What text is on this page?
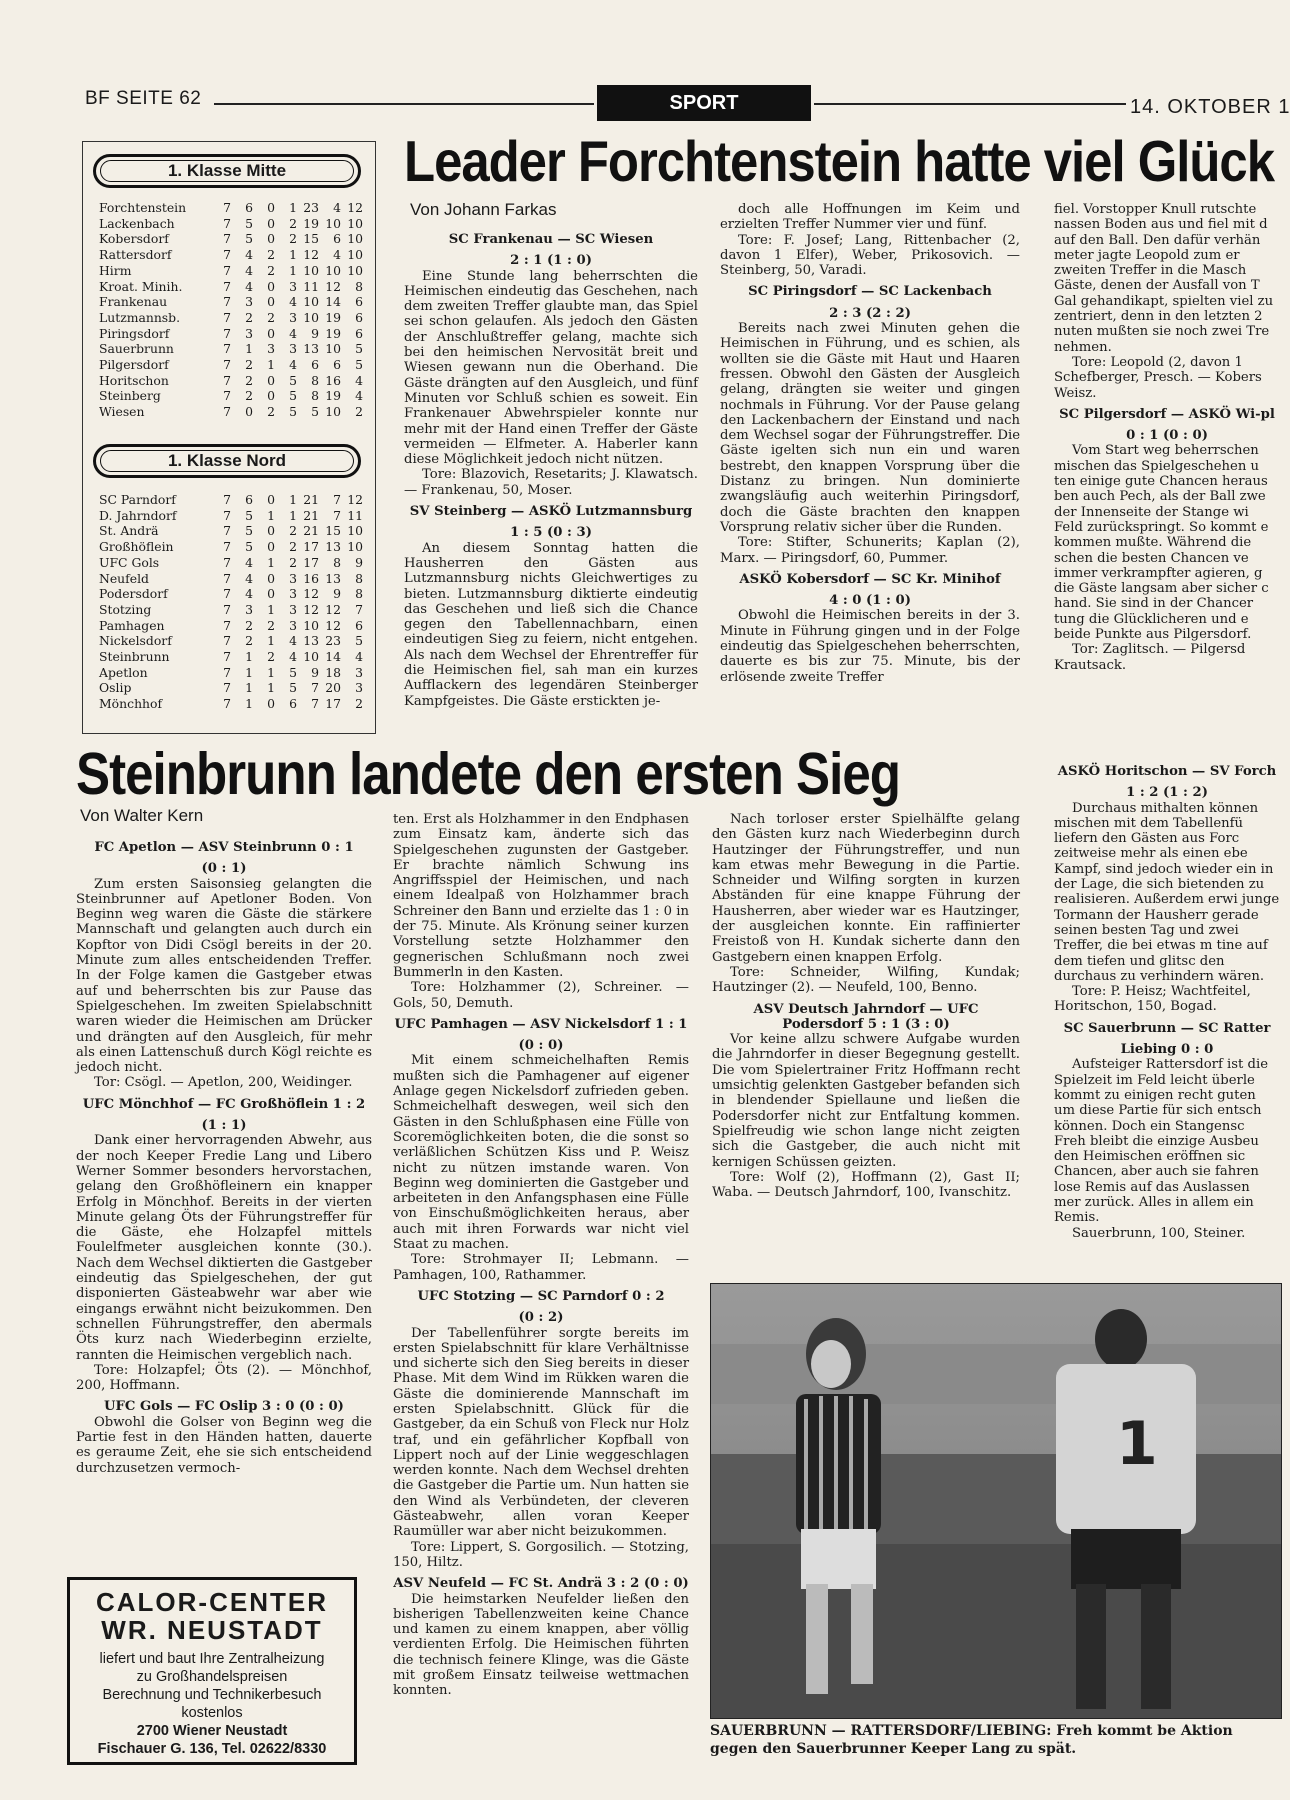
BF SEITE 62	SPORT	14. OKTOBER 1
1. Klasse Mitte
Forchtenstein	7	6	0	1	23	4	12
Lackenbach	7	5	0	2	19	10	10
Kobersdorf	7	5	0	2	15	6	10
Rattersdorf	7	4	2	1	12	4	10
Hirm	7	4	2	1	10	10	10
Kroat. Minih.	7	4	0	3	11	12	8
Frankenau	7	3	0	4	10	14	6
Lutzmannsb.	7	2	2	3	10	19	6
Piringsdorf	7	3	0	4	9	19	6
Sauerbrunn	7	1	3	3	13	10	5
Pilgersdorf	7	2	1	4	6	6	5
Horitschon	7	2	0	5	8	16	4
Steinberg	7	2	0	5	8	19	4
Wiesen	7	0	2	5	5	10	2
1. Klasse Nord
SC Parndorf	7	6	0	1	21	7	12
D. Jahrndorf	7	5	1	1	21	7	11
St. Andrä	7	5	0	2	21	15	10
Großhöflein	7	5	0	2	17	13	10
UFC Gols	7	4	1	2	17	8	9
Neufeld	7	4	0	3	16	13	8
Podersdorf	7	4	0	3	12	9	8
Stotzing	7	3	1	3	12	12	7
Pamhagen	7	2	2	3	10	12	6
Nickelsdorf	7	2	1	4	13	23	5
Steinbrunn	7	1	2	4	10	14	4
Apetlon	7	1	1	5	9	18	3
Oslip	7	1	1	5	7	20	3
Mönchhof	7	1	0	6	7	17	2
Leader Forchtenstein hatte viel Glück
Von Johann Farkas

SC Frankenau — SC Wiesen

2 : 1 (1 : 0)

Eine Stunde lang beherrschten die Heimischen eindeutig das Geschehen, nach dem zweiten Treffer glaubte man, das Spiel sei schon gelaufen. Als jedoch den Gästen der Anschlußtreffer gelang, machte sich bei den heimischen Nervosität breit und Wiesen gewann nun die Oberhand. Die Gäste drängten auf den Ausgleich, und fünf Minuten vor Schluß schien es soweit. Ein Frankenauer Abwehrspieler konnte nur mehr mit der Hand einen Treffer der Gäste vermeiden — Elfmeter. A. Haberler kann diese Möglichkeit jedoch nicht nützen.

Tore: Blazovich, Resetarits; J. Klawatsch. — Frankenau, 50, Moser.

SV Steinberg — ASKÖ Lutzmannsburg

1 : 5 (0 : 3)

An diesem Sonntag hatten die Hausherren den Gästen aus Lutzmannsburg nichts Gleichwertiges zu bieten. Lutzmannsburg diktierte eindeutig das Geschehen und ließ sich die Chance gegen den Tabellennachbarn, einen eindeutigen Sieg zu feiern, nicht entgehen. Als nach dem Wechsel der Ehrentreffer für die Heimischen fiel, sah man ein kurzes Aufflackern des legendären Steinberger Kampfgeistes. Die Gäste erstickten je-

doch alle Hoffnungen im Keim und erzielten Treffer Nummer vier und fünf.

Tore: F. Josef; Lang, Rittenbacher (2, davon 1 Elfer), Weber, Prikosovich. — Steinberg, 50, Varadi.

SC Piringsdorf — SC Lackenbach

2 : 3 (2 : 2)

Bereits nach zwei Minuten gehen die Heimischen in Führung, und es schien, als wollten sie die Gäste mit Haut und Haaren fressen. Obwohl den Gästen der Ausgleich gelang, drängten sie weiter und gingen nochmals in Führung. Vor der Pause gelang den Lackenbachern der Einstand und nach dem Wechsel sogar der Führungstreffer. Die Gäste igelten sich nun ein und waren bestrebt, den knappen Vorsprung über die Distanz zu bringen. Nun dominierte zwangsläufig auch weiterhin Piringsdorf, doch die Gäste brachten den knappen Vorsprung relativ sicher über die Runden.

Tore: Stifter, Schunerits; Kaplan (2), Marx. — Piringsdorf, 60, Pummer.

ASKÖ Kobersdorf — SC Kr. Minihof

4 : 0 (1 : 0)

Obwohl die Heimischen bereits in der 3. Minute in Führung gingen und in der Folge eindeutig das Spielgeschehen beherrschten, dauerte es bis zur 75. Minute, bis der erlösende zweite Treffer

fiel. Vorstopper Knull rutschte nassen Boden aus und fiel mit d auf den Ball. Den dafür verhän meter jagte Leopold zum er zweiten Treffer in die Masch Gäste, denen der Ausfall von T Gal gehandikapt, spielten viel zu zentriert, denn in den letzten 2 nuten mußten sie noch zwei Tre nehmen.

Tore: Leopold (2, davon 1 Schefberger, Presch. — Kobers Weisz.

SC Pilgersdorf — ASKÖ Wi-pl

0 : 1 (0 : 0)

Vom Start weg beherrschen mischen das Spielgeschehen u ten einige gute Chancen heraus ben auch Pech, als der Ball zwe der Innenseite der Stange wi Feld zurückspringt. So kommt e kommen mußte. Während die schen die besten Chancen ve immer verkrampfter agieren, g die Gäste langsam aber sicher c hand. Sie sind in der Chancer tung die Glücklicheren und e beide Punkte aus Pilgersdorf.

Tor: Zaglitsch. — Pilgersd Krautsack.

Steinbrunn landete den ersten Sieg
Von Walter Kern

FC Apetlon — ASV Steinbrunn 0 : 1

(0 : 1)

Zum ersten Saisonsieg gelangten die Steinbrunner auf Apetloner Boden. Von Beginn weg waren die Gäste die stärkere Mannschaft und gelangten auch durch ein Kopftor von Didi Csögl bereits in der 20. Minute zum alles entscheidenden Treffer. In der Folge kamen die Gastgeber etwas auf und beherrschten bis zur Pause das Spielgeschehen. Im zweiten Spielabschnitt waren wieder die Heimischen am Drücker und drängten auf den Ausgleich, für mehr als einen Lattenschuß durch Kögl reichte es jedoch nicht.

Tor: Csögl. — Apetlon, 200, Weidinger.

UFC Mönchhof — FC Großhöflein 1 : 2

(1 : 1)

Dank einer hervorragenden Abwehr, aus der noch Keeper Fredie Lang und Libero Werner Sommer besonders hervorstachen, gelang den Großhöfleinern ein knapper Erfolg in Mönchhof. Bereits in der vierten Minute gelang Öts der Führungstreffer für die Gäste, ehe Holzapfel mittels Foulelfmeter ausgleichen konnte (30.). Nach dem Wechsel diktierten die Gastgeber eindeutig das Spielgeschehen, der gut disponierten Gästeabwehr war aber wie eingangs erwähnt nicht beizukommen. Den schnellen Führungstreffer, den abermals Öts kurz nach Wiederbeginn erzielte, rannten die Heimischen vergeblich nach.

Tore: Holzapfel; Öts (2). — Mönchhof, 200, Hoffmann.

UFC Gols — FC Oslip 3 : 0 (0 : 0)

Obwohl die Golser von Beginn weg die Partie fest in den Händen hatten, dauerte es geraume Zeit, ehe sie sich entscheidend durchzusetzen vermoch-

ten. Erst als Holzhammer in den Endphasen zum Einsatz kam, änderte sich das Spielgeschehen zugunsten der Gastgeber. Er brachte nämlich Schwung ins Angriffsspiel der Heimischen, und nach einem Idealpaß von Holzhammer brach Schreiner den Bann und erzielte das 1 : 0 in der 75. Minute. Als Krönung seiner kurzen Vorstellung setzte Holzhammer den gegnerischen Schlußmann noch zwei Bummerln in den Kasten.

Tore: Holzhammer (2), Schreiner. — Gols, 50, Demuth.

UFC Pamhagen — ASV Nickelsdorf 1 : 1

(0 : 0)

Mit einem schmeichelhaften Remis mußten sich die Pamhagener auf eigener Anlage gegen Nickelsdorf zufrieden geben. Schmeichelhaft deswegen, weil sich den Gästen in den Schlußphasen eine Fülle von Scoremöglichkeiten boten, die die sonst so verläßlichen Schützen Kiss und P. Weisz nicht zu nützen imstande waren. Von Beginn weg dominierten die Gastgeber und arbeiteten in den Anfangsphasen eine Fülle von Einschußmöglichkeiten heraus, aber auch mit ihren Forwards war nicht viel Staat zu machen.

Tore: Strohmayer II; Lebmann. — Pamhagen, 100, Rathammer.

UFC Stotzing — SC Parndorf 0 : 2

(0 : 2)

Der Tabellenführer sorgte bereits im ersten Spielabschnitt für klare Verhältnisse und sicherte sich den Sieg bereits in dieser Phase. Mit dem Wind im Rükken waren die Gäste die dominierende Mannschaft im ersten Spielabschnitt. Glück für die Gastgeber, da ein Schuß von Fleck nur Holz traf, und ein gefährlicher Kopfball von Lippert noch auf der Linie weggeschlagen werden konnte. Nach dem Wechsel drehten die Gastgeber die Partie um. Nun hatten sie den Wind als Verbündeten, der cleveren Gästeabwehr, allen voran Keeper Raumüller war aber nicht beizukommen.

Tore: Lippert, S. Gorgosilich. — Stotzing, 150, Hiltz.

ASV Neufeld — FC St. Andrä 3 : 2 (0 : 0)

Die heimstarken Neufelder ließen den bisherigen Tabellenzweiten keine Chance und kamen zu einem knappen, aber völlig verdienten Erfolg. Die Heimischen führten die technisch feinere Klinge, was die Gäste mit großem Einsatz teilweise wettmachen konnten.

Nach torloser erster Spielhälfte gelang den Gästen kurz nach Wiederbeginn durch Hautzinger der Führungstreffer, und nun kam etwas mehr Bewegung in die Partie. Schneider und Wilfing sorgten in kurzen Abständen für eine knappe Führung der Hausherren, aber wieder war es Hautzinger, der ausgleichen konnte. Ein raffinierter Freistoß von H. Kundak sicherte dann den Gastgebern einen knappen Erfolg.

Tore: Schneider, Wilfing, Kundak; Hautzinger (2). — Neufeld, 100, Benno.

ASV Deutsch Jahrndorf — UFC Podersdorf 5 : 1 (3 : 0)

Vor keine allzu schwere Aufgabe wurden die Jahrndorfer in dieser Begegnung gestellt. Die vom Spielertrainer Fritz Hoffmann recht umsichtig gelenkten Gastgeber befanden sich in blendender Spiellaune und ließen die Podersdorfer nicht zur Entfaltung kommen. Spielfreudig wie schon lange nicht zeigten sich die Gastgeber, die auch nicht mit kernigen Schüssen geizten.

Tore: Wolf (2), Hoffmann (2), Gast II; Waba. — Deutsch Jahrndorf, 100, Ivanschitz.

ASKÖ Horitschon — SV Forch

1 : 2 (1 : 2)

Durchaus mithalten können mischen mit dem Tabellenfü liefern den Gästen aus Forc zeitweise mehr als einen ebe Kampf, sind jedoch wieder ein in der Lage, die sich bietenden zu realisieren. Außerdem erwi junge Tormann der Hausherr gerade seinen besten Tag und zwei Treffer, die bei etwas m tine auf dem tiefen und glitsc den durchaus zu verhindern wären.

Tore: P. Heisz; Wachtfeitel, Horitschon, 150, Bogad.

SC Sauerbrunn — SC Ratter

Liebing 0 : 0

Aufsteiger Rattersdorf ist die Spielzeit im Feld leicht überle kommt zu einigen recht guten um diese Partie für sich entsch können. Doch ein Stangensc Freh bleibt die einzige Ausbeu den Heimischen eröffnen sic Chancen, aber auch sie fahren lose Remis auf das Auslassen mer zurück. Alles in allem ein Remis.

Sauerbrunn, 100, Steiner.

CALOR-CENTER
WR. NEUSTADT
liefert und baut Ihre Zentralheizung
zu Großhandelspreisen
Berechnung und Technikerbesuch
kostenlos
2700 Wiener Neustadt
Fischauer G. 136, Tel. 02622/8330
1
SAUERBRUNN — RATTERSDORF/LIEBING: Freh kommt be Aktion gegen den Sauerbrunner Keeper Lang zu spät.
